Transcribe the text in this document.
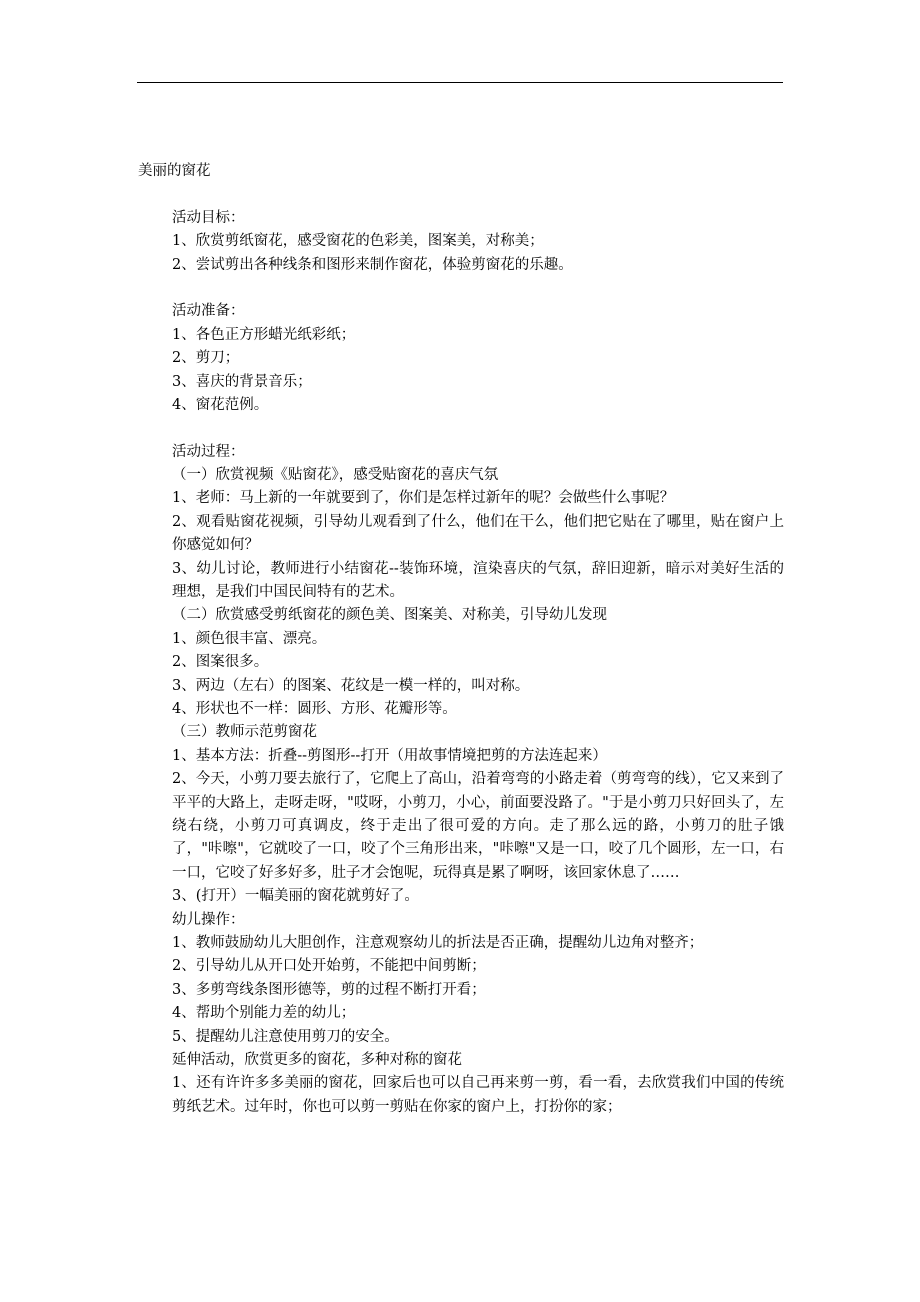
美丽的窗花
活动目标：
1、欣赏剪纸窗花，感受窗花的色彩美，图案美，对称美；
2、尝试剪出各种线条和图形来制作窗花，体验剪窗花的乐趣。
活动准备：
1、各色正方形蜡光纸彩纸；
2、剪刀；
3、喜庆的背景音乐；
4、窗花范例。
活动过程：
（一）欣赏视频《贴窗花》，感受贴窗花的喜庆气氛
1、老师：马上新的一年就要到了，你们是怎样过新年的呢？会做些什么事呢？
2、观看贴窗花视频，引导幼儿观看到了什么，他们在干么，他们把它贴在了哪里，贴在窗户上你感觉如何？
3、幼儿讨论，教师进行小结窗花--装饰环境，渲染喜庆的气氛，辞旧迎新，暗示对美好生活的理想，是我们中国民间特有的艺术。
（二）欣赏感受剪纸窗花的颜色美、图案美、对称美，引导幼儿发现
1、颜色很丰富、漂亮。
2、图案很多。
3、两边（左右）的图案、花纹是一模一样的，叫对称。
4、形状也不一样：圆形、方形、花瓣形等。
（三）教师示范剪窗花
1、基本方法：折叠--剪图形--打开（用故事情境把剪的方法连起来）
2、今天，小剪刀要去旅行了，它爬上了高山，沿着弯弯的小路走着（剪弯弯的线），它又来到了平平的大路上，走呀走呀，"哎呀，小剪刀，小心，前面要没路了。"于是小剪刀只好回头了，左绕右绕，小剪刀可真调皮，终于走出了很可爱的方向。走了那么远的路，小剪刀的肚子饿了，"咔嚓"，它就咬了一口，咬了个三角形出来，"咔嚓"又是一口，咬了几个圆形，左一口，右一口，它咬了好多好多，肚子才会饱呢，玩得真是累了啊呀，该回家休息了……
3、(打开）一幅美丽的窗花就剪好了。
幼儿操作：
1、教师鼓励幼儿大胆创作，注意观察幼儿的折法是否正确，提醒幼儿边角对整齐；
2、引导幼儿从开口处开始剪，不能把中间剪断；
3、多剪弯线条图形德等，剪的过程不断打开看；
4、帮助个别能力差的幼儿；
5、提醒幼儿注意使用剪刀的安全。
延伸活动，欣赏更多的窗花，多种对称的窗花
1、还有许许多多美丽的窗花，回家后也可以自己再来剪一剪，看一看，去欣赏我们中国的传统剪纸艺术。过年时，你也可以剪一剪贴在你家的窗户上，打扮你的家；
